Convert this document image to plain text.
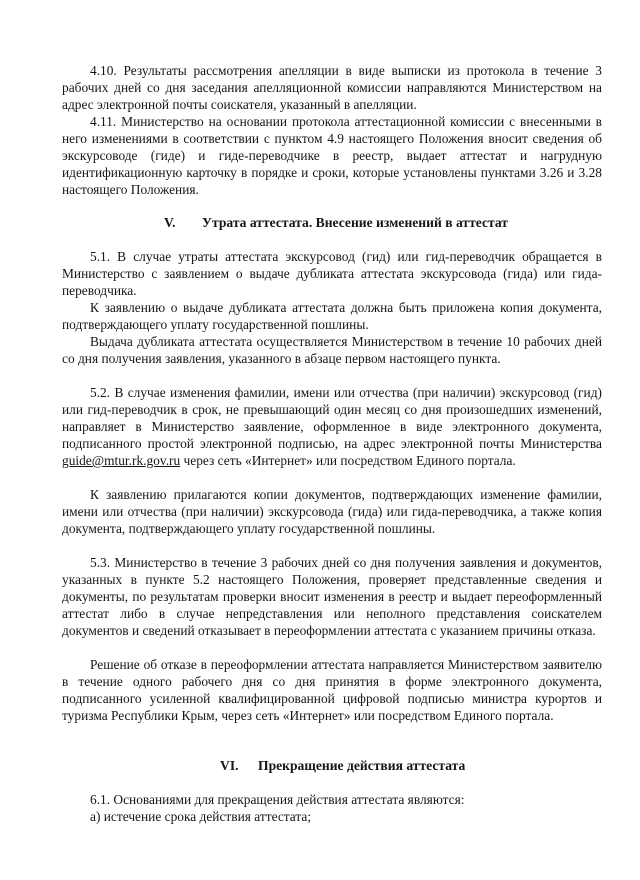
4.10. Результаты рассмотрения апелляции в виде выписки из протокола в течение 3 рабочих дней со дня заседания апелляционной комиссии направляются Министерством на адрес электронной почты соискателя, указанный в апелляции.

4.11. Министерство на основании протокола аттестационной комиссии с внесенными в него изменениями в соответствии с пунктом 4.9 настоящего Положения вносит сведения об экскурсоводе (гиде) и гиде-переводчике в реестр, выдает аттестат и нагрудную идентификационную карточку в порядке и сроки, которые установлены пунктами 3.26 и 3.28 настоящего Положения.

V. Утрата аттестата. Внесение изменений в аттестат

5.1. В случае утраты аттестата экскурсовод (гид) или гид-переводчик обращается в Министерство с заявлением о выдаче дубликата аттестата экскурсовода (гида) или гида-переводчика.

К заявлению о выдаче дубликата аттестата должна быть приложена копия документа, подтверждающего уплату государственной пошлины.

Выдача дубликата аттестата осуществляется Министерством в течение 10 рабочих дней со дня получения заявления, указанного в абзаце первом настоящего пункта.

5.2. В случае изменения фамилии, имени или отчества (при наличии) экскурсовод (гид) или гид-переводчик в срок, не превышающий один месяц со дня произошедших изменений, направляет в Министерство заявление, оформленное в виде электронного документа, подписанного простой электронной подписью, на адрес электронной почты Министерства guide@mtur.rk.gov.ru через сеть «Интернет» или посредством Единого портала.

К заявлению прилагаются копии документов, подтверждающих изменение фамилии, имени или отчества (при наличии) экскурсовода (гида) или гида-переводчика, а также копия документа, подтверждающего уплату государственной пошлины.

5.3. Министерство в течение 3 рабочих дней со дня получения заявления и документов, указанных в пункте 5.2 настоящего Положения, проверяет представленные сведения и документы, по результатам проверки вносит изменения в реестр и выдает переоформленный аттестат либо в случае непредставления или неполного представления соискателем документов и сведений отказывает в переоформлении аттестата с указанием причины отказа.

Решение об отказе в переоформлении аттестата направляется Министерством заявителю в течение одного рабочего дня со дня принятия в форме электронного документа, подписанного усиленной квалифицированной цифровой подписью министра курортов и туризма Республики Крым, через сеть «Интернет» или посредством Единого портала.

VI. Прекращение действия аттестата

6.1. Основаниями для прекращения действия аттестата являются:

а) истечение срока действия аттестата;
